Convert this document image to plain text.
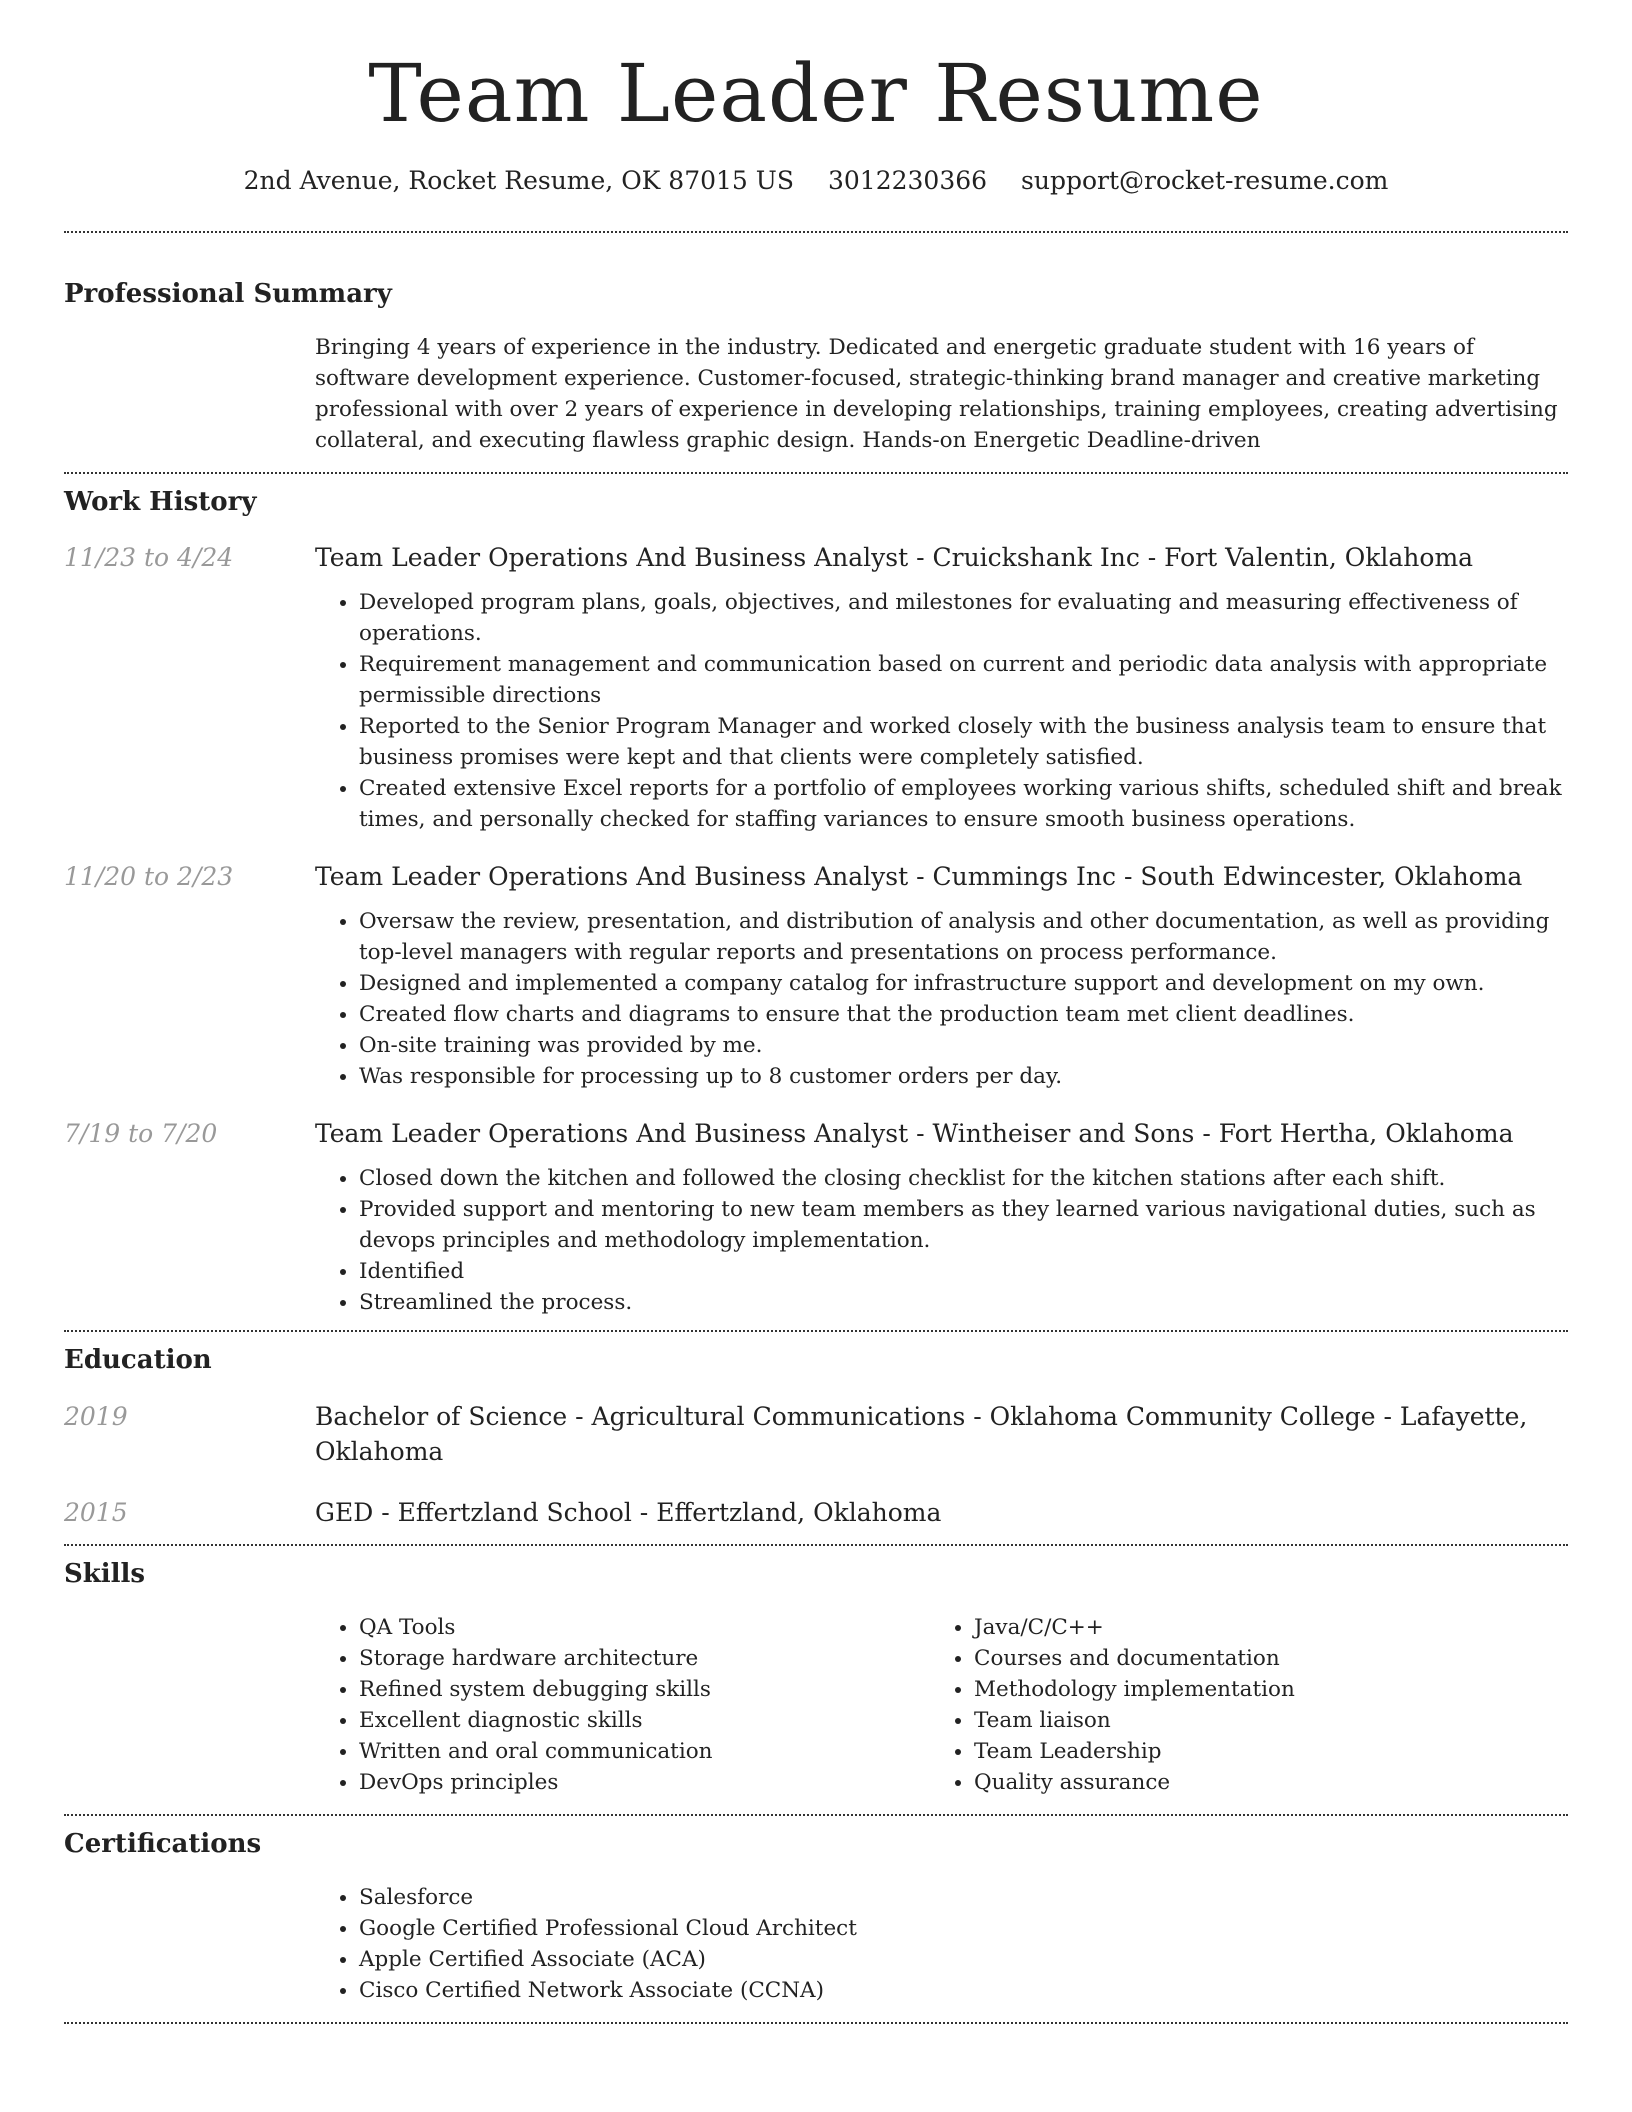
Team Leader Resume
2nd Avenue, Rocket Resume, OK 87015 US 3012230366 support@rocket-resume.com
Professional Summary

Bringing 4 years of experience in the industry. Dedicated and energetic graduate student with 16 years of software development experience. Customer-focused, strategic-thinking brand manager and creative marketing professional with over 2 years of experience in developing relationships, training employees, creating advertising collateral, and executing flawless graphic design. Hands-on Energetic Deadline-driven

Work History
11/23 to 4/24	Team Leader Operations And Business Analyst - Cruickshank Inc - Fort Valentin, Oklahoma
• Developed program plans, goals, objectives, and milestones for evaluating and measuring effectiveness of operations.
• Requirement management and communication based on current and periodic data analysis with appropriate permissible directions
• Reported to the Senior Program Manager and worked closely with the business analysis team to ensure that business promises were kept and that clients were completely satisfied.
• Created extensive Excel reports for a portfolio of employees working various shifts, scheduled shift and break times, and personally checked for staffing variances to ensure smooth business operations.
11/20 to 2/23	Team Leader Operations And Business Analyst - Cummings Inc - South Edwincester, Oklahoma
• Oversaw the review, presentation, and distribution of analysis and other documentation, as well as providing top-level managers with regular reports and presentations on process performance.
• Designed and implemented a company catalog for infrastructure support and development on my own.
• Created flow charts and diagrams to ensure that the production team met client deadlines.
• On-site training was provided by me.
• Was responsible for processing up to 8 customer orders per day.
7/19 to 7/20	Team Leader Operations And Business Analyst - Wintheiser and Sons - Fort Hertha, Oklahoma
• Closed down the kitchen and followed the closing checklist for the kitchen stations after each shift.
• Provided support and mentoring to new team members as they learned various navigational duties, such as devops principles and methodology implementation.
• Identified
• Streamlined the process.
Education
2019	Bachelor of Science - Agricultural Communications - Oklahoma Community College - Lafayette, Oklahoma
2015	GED - Effertzland School - Effertzland, Oklahoma
Skills
• QA Tools
• Storage hardware architecture
• Refined system debugging skills
• Excellent diagnostic skills
• Written and oral communication
• DevOps principles
• Java/C/C++
• Courses and documentation
• Methodology implementation
• Team liaison
• Team Leadership
• Quality assurance
Certifications
• Salesforce
• Google Certified Professional Cloud Architect
• Apple Certified Associate (ACA)
• Cisco Certified Network Associate (CCNA)
